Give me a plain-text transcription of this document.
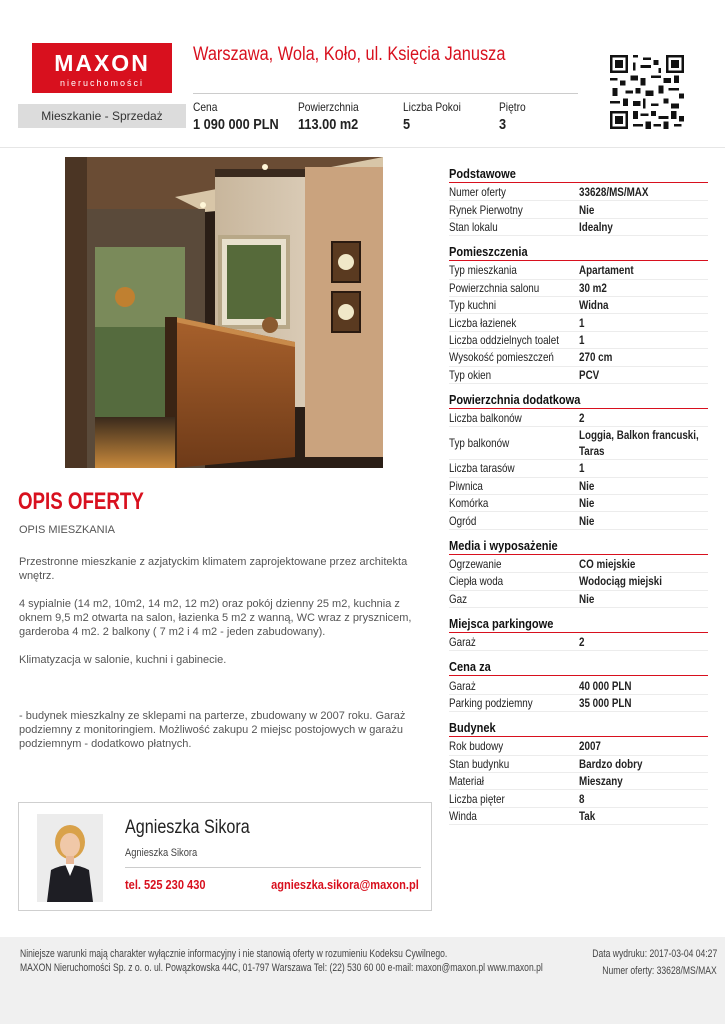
MAXON
nieruchomości
Warszawa, Wola, Koło, ul. Księcia Janusza
Mieszkanie - Sprzedaż
Cena
1 090 000 PLN
Powierzchnia
113.00 m2
Liczba Pokoi
5
Piętro
3
OPIS OFERTY

OPIS MIESZKANIA

Przestronne mieszkanie z azjatyckim klimatem zaprojektowane przez architekta wnętrz.

4 sypialnie (14 m2, 10m2, 14 m2, 12 m2) oraz pokój dzienny 25 m2, kuchnia z oknem 9,5 m2 otwarta na salon, łazienka 5 m2 z wanną, WC wraz z prysznicem, garderoba 4 m2. 2 balkony ( 7 m2 i 4 m2 - jeden zabudowany).

Klimatyzacja w salonie, kuchni i gabinecie.

- budynek mieszkalny ze sklepami na parterze, zbudowany w 2007 roku. Garaż podziemny z monitoringiem. Możliwość zakupu 2 miejsc postojowych w garażu podziemnym - dodatkowo płatnych.

Agnieszka Sikora
Agnieszka Sikora
tel. 525 230 430	agnieszka.sikora@maxon.pl
Podstawowe
Numer oferty	33628/MS/MAX
Rynek Pierwotny	Nie
Stan lokalu	Idealny
Pomieszczenia
Typ mieszkania	Apartament
Powierzchnia salonu	30 m2
Typ kuchni	Widna
Liczba łazienek	1
Liczba oddzielnych toalet	1
Wysokość pomieszczeń	270 cm
Typ okien	PCV
Powierzchnia dodatkowa
Liczba balkonów	2
Typ balkonów
Loggia, Balkon francuski, Taras
Liczba tarasów	1
Piwnica	Nie
Komórka	Nie
Ogród	Nie
Media i wyposażenie
Ogrzewanie	CO miejskie
Ciepła woda	Wodociąg miejski
Gaz	Nie
Miejsca parkingowe
Garaż	2
Cena za
Garaż	40 000 PLN
Parking podziemny	35 000 PLN
Budynek
Rok budowy	2007
Stan budynku	Bardzo dobry
Materiał	Mieszany
Liczba pięter	8
Winda	Tak
Niniejsze warunki mają charakter wyłącznie informacyjny i nie stanowią oferty w rozumieniu Kodeksu Cywilnego.
MAXON Nieruchomości Sp. z o. o. ul. Powązkowska 44C, 01-797 Warszawa Tel: (22) 530 60 00 e-mail: maxon@maxon.pl www.maxon.pl
Data wydruku: 2017-03-04 04:27
Numer oferty: 33628/MS/MAX
